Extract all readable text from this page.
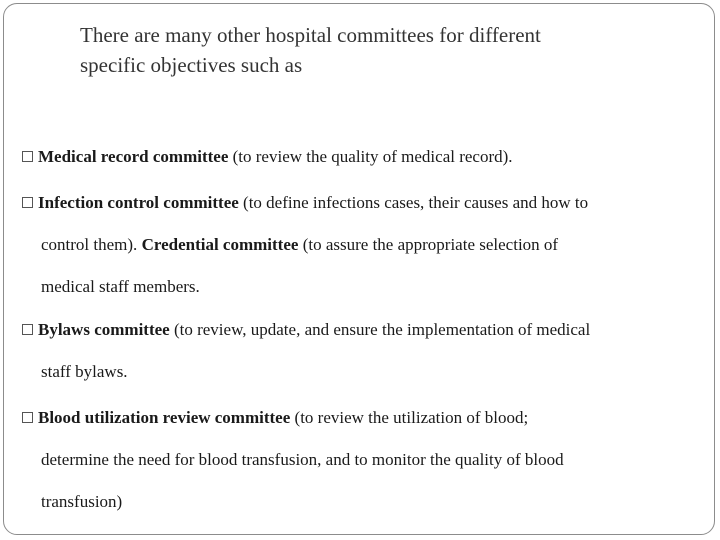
There are many other hospital committees for different
specific objectives such as
Medical record committee (to review the quality of medical record).
Infection control committee (to define infections cases, their causes and how to
control them). Credential committee (to assure the appropriate selection of
medical staff members.
Bylaws committee (to review, update, and ensure the implementation of medical
staff bylaws.
Blood utilization review committee (to review the utilization of blood;
determine the need for blood transfusion, and to monitor the quality of blood
transfusion)
